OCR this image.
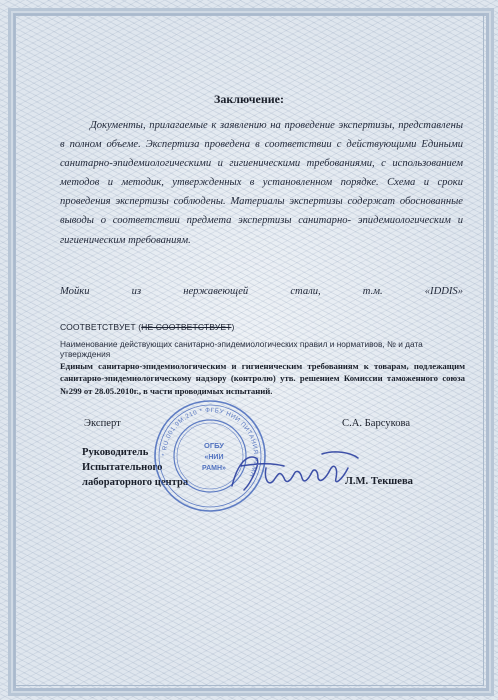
Заключение:
Документы, прилагаемые к заявлению на проведение экспертизы, представлены в полном объеме. Экспертиза проведена в соответствии с действующими Едиными санитарно-эпидемиологическими и гигиеническими требованиями, с использованием методов и методик, утвержденных в установленном порядке. Схема и сроки проведения экспертизы соблюдены. Материалы экспертизы содержат обоснованные выводы о соответствии предмета экспертизы санитарно- эпидемиологическим и гигиеническим требованиям.
Мойки	из	нержавеющей	стали,	т.м.	«IDDIS»
СООТВЕТСТВУЕТ (НЕ СООТВЕТСТВУЕТ)
Наименование действующих санитарно-эпидемиологических правил и нормативов, № и дата утверждения
Единым санитарно-эпидемиологическим и гигиеническим требованиям к товарам, подлежащим санитарно-эпидемиологическому надзору (контролю) утв. решением Комиссии таможенного союза №299 от 28.05.2010г., в части проводимых испытаний.
Эксперт	С.А. Барсукова
Руководитель
Испытательного
лабораторного центра	Л.М. Текшева
* RU.001.9М.210 * ФГБУ НИИ ПИТАНИЯ РАМН
ОГБУ
«НИИ
РАМН»
